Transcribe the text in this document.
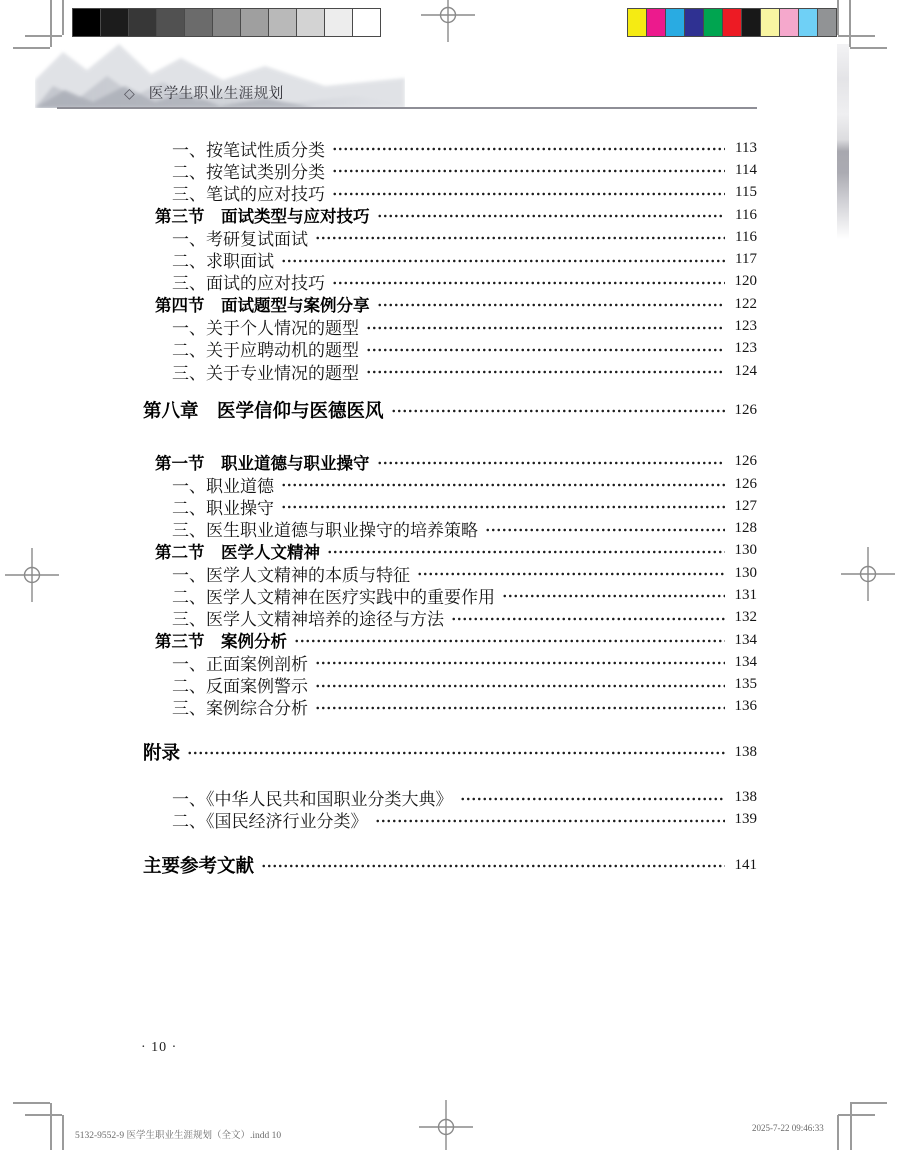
◇ 医学生职业生涯规划
一、按笔试性质分类	113
二、按笔试类别分类	114
三、笔试的应对技巧	115
第三节　面试类型与应对技巧	116
一、考研复试面试	116
二、求职面试	117
三、面试的应对技巧	120
第四节　面试题型与案例分享	122
一、关于个人情况的题型	123
二、关于应聘动机的题型	123
三、关于专业情况的题型	124
第八章　医学信仰与医德医风	126
第一节　职业道德与职业操守	126
一、职业道德	126
二、职业操守	127
三、医生职业道德与职业操守的培养策略	128
第二节　医学人文精神	130
一、医学人文精神的本质与特征	130
二、医学人文精神在医疗实践中的重要作用	131
三、医学人文精神培养的途径与方法	132
第三节　案例分析	134
一、正面案例剖析	134
二、反面案例警示	135
三、案例综合分析	136
附录	138
一、《中华人民共和国职业分类大典》	138
二、《国民经济行业分类》	139
主要参考文献	141
· 10 ·
5132-9552-9 医学生职业生涯规划（全文）.indd 10
2025-7-22 09:46:33
